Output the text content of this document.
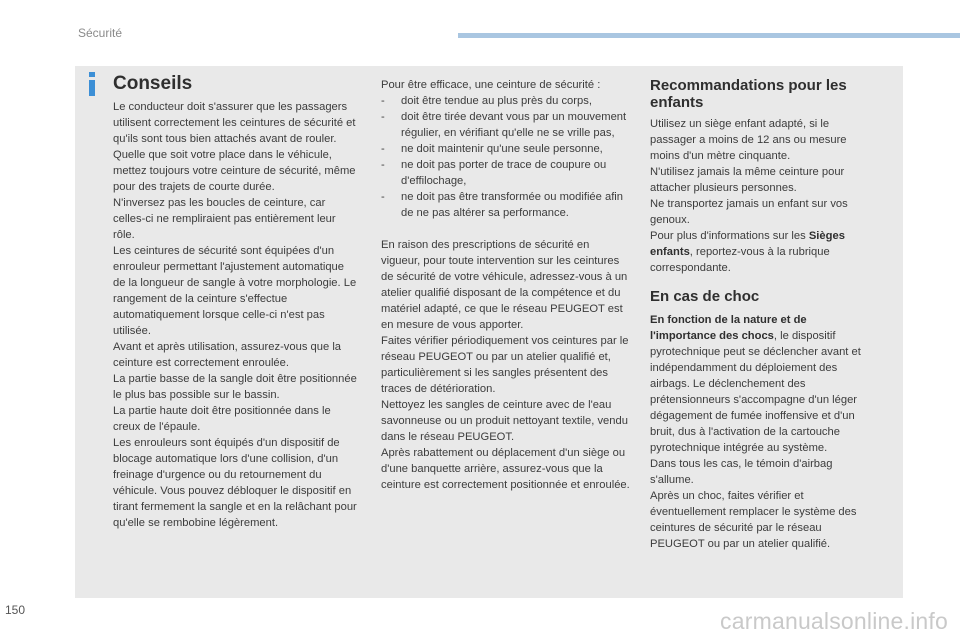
Sécurité
Conseils

Le conducteur doit s'assurer que les passagers utilisent correctement les ceintures de sécurité et qu'ils sont tous bien attachés avant de rouler.

Quelle que soit votre place dans le véhicule, mettez toujours votre ceinture de sécurité, même pour des trajets de courte durée.

N'inversez pas les boucles de ceinture, car celles-ci ne rempliraient pas entièrement leur rôle.

Les ceintures de sécurité sont équipées d'un enrouleur permettant l'ajustement automatique de la longueur de sangle à votre morphologie. Le rangement de la ceinture s'effectue automatiquement lorsque celle-ci n'est pas utilisée.

Avant et après utilisation, assurez-vous que la ceinture est correctement enroulée.

La partie basse de la sangle doit être positionnée le plus bas possible sur le bassin.

La partie haute doit être positionnée dans le creux de l'épaule.

Les enrouleurs sont équipés d'un dispositif de blocage automatique lors d'une collision, d'un freinage d'urgence ou du retournement du véhicule. Vous pouvez débloquer le dispositif en tirant fermement la sangle et en la relâchant pour qu'elle se rembobine légèrement.

Pour être efficace, une ceinture de sécurité :

- doit être tendue au plus près du corps,
- doit être tirée devant vous par un mouvement régulier, en vérifiant qu'elle ne se vrille pas,
- ne doit maintenir qu'une seule personne,
- ne doit pas porter de trace de coupure ou d'effilochage,
- ne doit pas être transformée ou modifiée afin de ne pas altérer sa performance.

En raison des prescriptions de sécurité en vigueur, pour toute intervention sur les ceintures de sécurité de votre véhicule, adressez-vous à un atelier qualifié disposant de la compétence et du matériel adapté, ce que le réseau PEUGEOT est en mesure de vous apporter.

Faites vérifier périodiquement vos ceintures par le réseau PEUGEOT ou par un atelier qualifié et, particulièrement si les sangles présentent des traces de détérioration.

Nettoyez les sangles de ceinture avec de l'eau savonneuse ou un produit nettoyant textile, vendu dans le réseau PEUGEOT.

Après rabattement ou déplacement d'un siège ou d'une banquette arrière, assurez-vous que la ceinture est correctement positionnée et enroulée.

Recommandations pour les enfants

Utilisez un siège enfant adapté, si le passager a moins de 12 ans ou mesure moins d'un mètre cinquante.

N'utilisez jamais la même ceinture pour attacher plusieurs personnes.

Ne transportez jamais un enfant sur vos genoux.

Pour plus d'informations sur les Sièges enfants, reportez-vous à la rubrique correspondante.

En cas de choc

En fonction de la nature et de l'importance des chocs, le dispositif pyrotechnique peut se déclencher avant et indépendamment du déploiement des airbags. Le déclenchement des prétensionneurs s'accompagne d'un léger dégagement de fumée inoffensive et d'un bruit, dus à l'activation de la cartouche pyrotechnique intégrée au système.

Dans tous les cas, le témoin d'airbag s'allume.

Après un choc, faites vérifier et éventuellement remplacer le système des ceintures de sécurité par le réseau PEUGEOT ou par un atelier qualifié.

150	carmanualsonline.info
